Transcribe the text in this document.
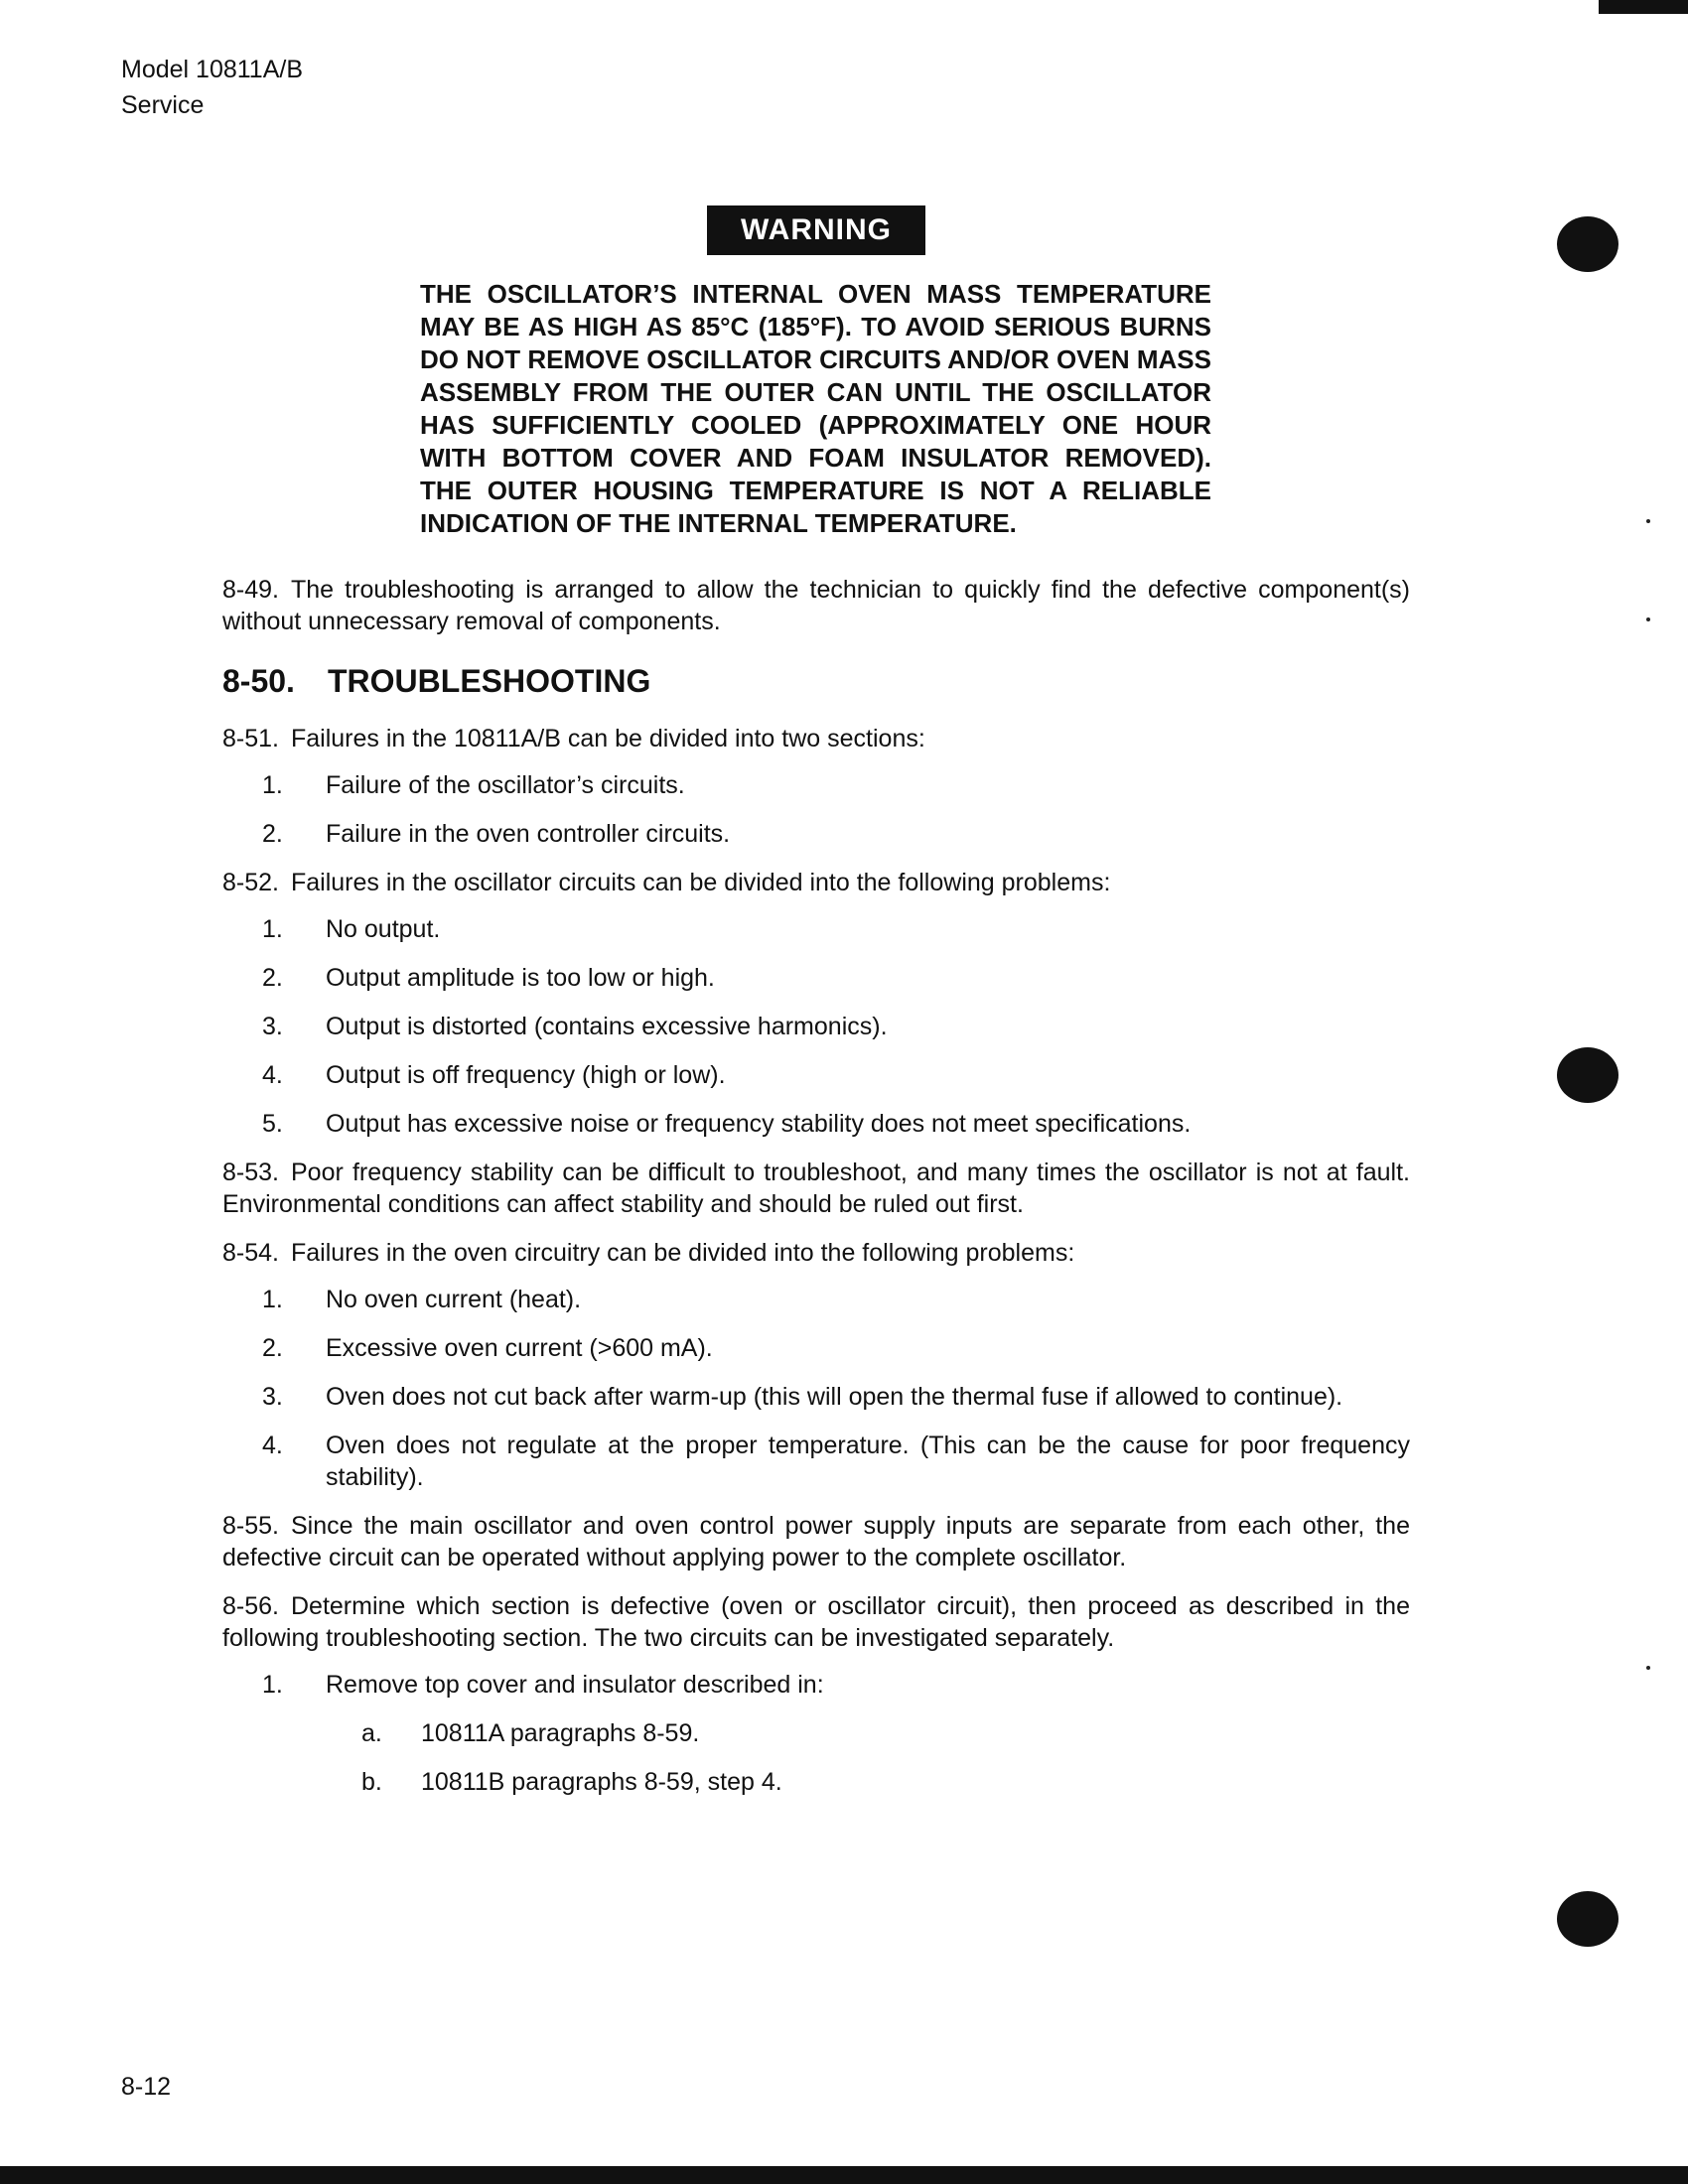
Model 10811A/B
Service
WARNING
THE OSCILLATOR’S INTERNAL OVEN MASS TEMPERATURE MAY BE AS HIGH AS 85°C (185°F). TO AVOID SERIOUS BURNS DO NOT REMOVE OSCILLATOR CIRCUITS AND/OR OVEN MASS ASSEMBLY FROM THE OUTER CAN UNTIL THE OSCILLATOR HAS SUFFICIENTLY COOLED (APPROXIMATELY ONE HOUR WITH BOTTOM COVER AND FOAM INSULATOR REMOVED). THE OUTER HOUSING TEMPERATURE IS NOT A RELIABLE INDICATION OF THE INTERNAL TEMPERATURE.

8-49. The troubleshooting is arranged to allow the technician to quickly find the defective component(s) without unnecessary removal of components.

8-50. TROUBLESHOOTING

8-51. Failures in the 10811A/B can be divided into two sections:

1.	Failure of the oscillator’s circuits.
2.	Failure in the oven controller circuits.

8-52. Failures in the oscillator circuits can be divided into the following problems:

1.	No output.
2.	Output amplitude is too low or high.
3.	Output is distorted (contains excessive harmonics).
4.	Output is off frequency (high or low).
5.	Output has excessive noise or frequency stability does not meet specifications.

8-53. Poor frequency stability can be difficult to troubleshoot, and many times the oscillator is not at fault. Environmental conditions can affect stability and should be ruled out first.

8-54. Failures in the oven circuitry can be divided into the following problems:

1.	No oven current (heat).
2.	Excessive oven current (>600 mA).
3.	Oven does not cut back after warm-up (this will open the thermal fuse if allowed to continue).
4.	Oven does not regulate at the proper temperature. (This can be the cause for poor frequency stability).

8-55. Since the main oscillator and oven control power supply inputs are separate from each other, the defective circuit can be operated without applying power to the complete oscillator.

8-56. Determine which section is defective (oven or oscillator circuit), then proceed as described in the following troubleshooting section. The two circuits can be investigated separately.

1.	Remove top cover and insulator described in:
a.	10811A paragraphs 8-59.
b.	10811B paragraphs 8-59, step 4.
8-12
